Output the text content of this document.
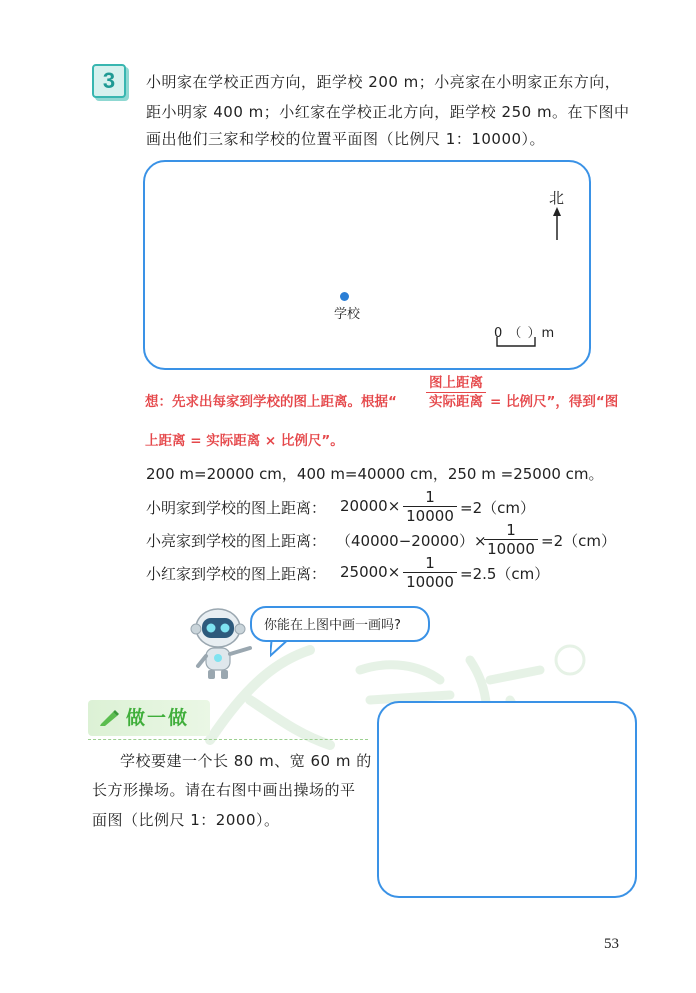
3	小明家在学校正西方向，距学校 200 m；小亮家在小明家正东方向，
距小明家 400 m；小红家在学校正北方向，距学校 250 m。在下图中
画出他们三家和学校的位置平面图（比例尺 1：10000）。
北
学校
0 （ ）m
想：先求出每家到学校的图上距离。根据“
图上距离
实际距离 = 比例尺”，得到“图
上距离 = 实际距离 × 比例尺”。
200 m=20000 cm，400 m=40000 cm，250 m =25000 cm。
小明家到学校的图上距离： $20000\times \frac{1}{10000} =2(cm)$
小亮家到学校的图上距离： （40000−20000）×
$\frac{1}{10000} =2(cm)$
小红家到学校的图上距离： $25000\times \frac{1}{10000} =2.5(cm)$
你能在上图中画一画吗?
做一做
学校要建一个长 80 m、宽 60 m 的
长方形操场。请在右图中画出操场的平
面图（比例尺 1：2000）。
53
